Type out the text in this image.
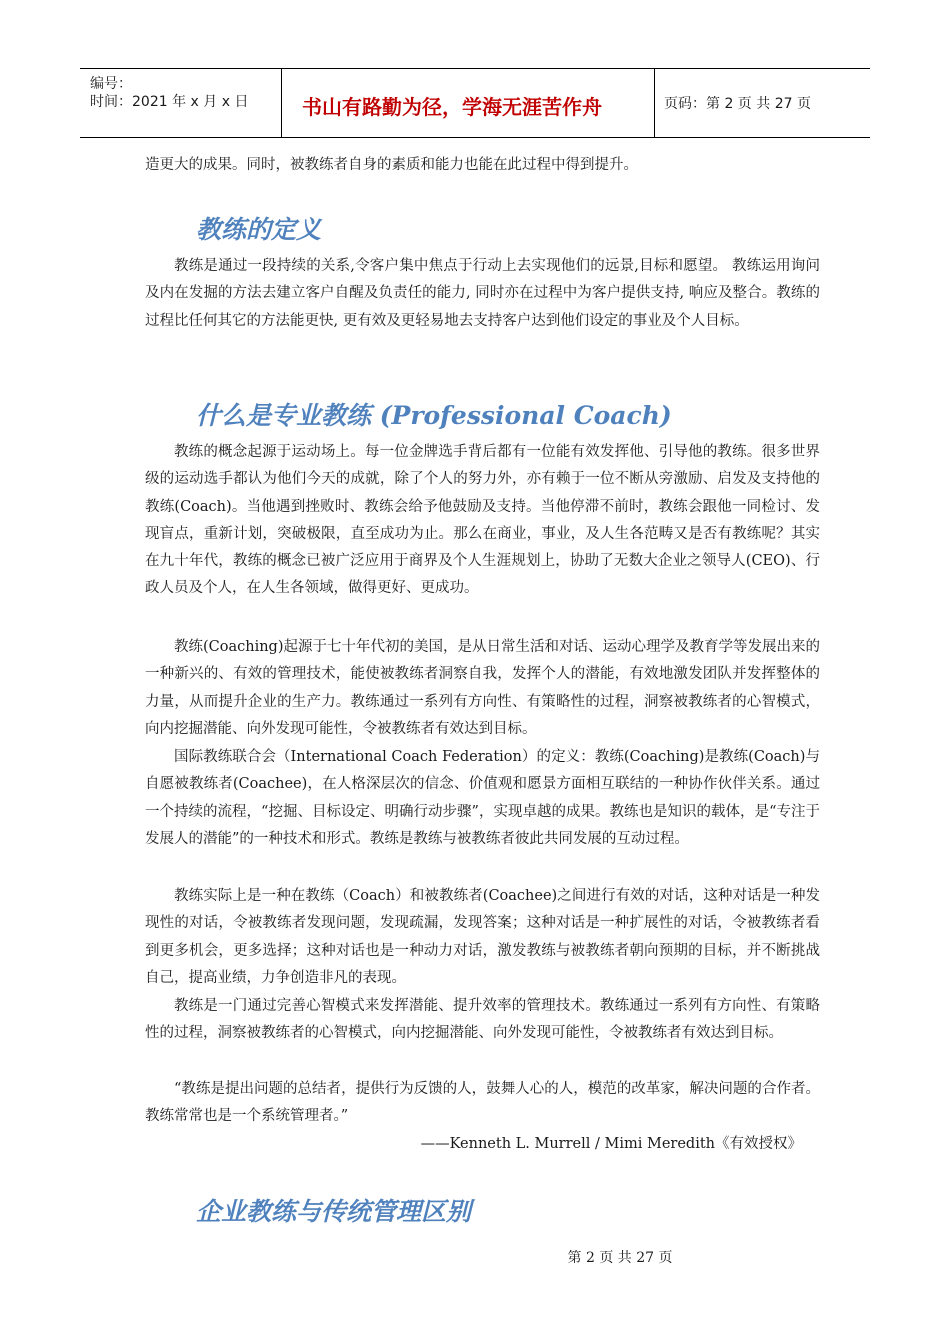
编号：
时间：2021 年 x 月 x 日	书山有路勤为径，学海无涯苦作舟	页码：第 2 页 共 27 页

造更大的成果。同时，被教练者自身的素质和能力也能在此过程中得到提升。

教练的定义

教练是通过一段持续的关系,令客户集中焦点于行动上去实现他们的远景,目标和愿望。 教练运用询问及内在发掘的方法去建立客户自醒及负责任的能力, 同时亦在过程中为客户提供支持, 响应及整合。教练的过程比任何其它的方法能更快, 更有效及更轻易地去支持客户达到他们设定的事业及个人目标。

什么是专业教练 (Professional Coach)

教练的概念起源于运动场上。每一位金牌选手背后都有一位能有效发挥他、引导他的教练。很多世界级的运动选手都认为他们今天的成就，除了个人的努力外，亦有赖于一位不断从旁激励、启发及支持他的教练(Coach)。当他遇到挫败时、教练会给予他鼓励及支持。当他停滞不前时，教练会跟他一同检讨、发现盲点，重新计划，突破极限，直至成功为止。那么在商业，事业，及人生各范畴又是否有教练呢？其实在九十年代，教练的概念已被广泛应用于商界及个人生涯规划上，协助了无数大企业之领导人(CEO)、行政人员及个人，在人生各领域，做得更好、更成功。

教练(Coaching)起源于七十年代初的美国，是从日常生活和对话、运动心理学及教育学等发展出来的一种新兴的、有效的管理技术，能使被教练者洞察自我，发挥个人的潜能，有效地激发团队并发挥整体的力量，从而提升企业的生产力。教练通过一系列有方向性、有策略性的过程，洞察被教练者的心智模式，向内挖掘潜能、向外发现可能性，令被教练者有效达到目标。

国际教练联合会（International Coach Federation）的定义：教练(Coaching)是教练(Coach)与自愿被教练者(Coachee)，在人格深层次的信念、价值观和愿景方面相互联结的一种协作伙伴关系。通过一个持续的流程，“挖掘、目标设定、明确行动步骤”，实现卓越的成果。教练也是知识的载体，是“专注于发展人的潜能”的一种技术和形式。教练是教练与被教练者彼此共同发展的互动过程。

教练实际上是一种在教练（Coach）和被教练者(Coachee)之间进行有效的对话，这种对话是一种发现性的对话，令被教练者发现问题，发现疏漏，发现答案；这种对话是一种扩展性的对话，令被教练者看到更多机会，更多选择；这种对话也是一种动力对话，激发教练与被教练者朝向预期的目标，并不断挑战自己，提高业绩，力争创造非凡的表现。

教练是一门通过完善心智模式来发挥潜能、提升效率的管理技术。教练通过一系列有方向性、有策略性的过程，洞察被教练者的心智模式，向内挖掘潜能、向外发现可能性，令被教练者有效达到目标。

“教练是提出问题的总结者，提供行为反馈的人，鼓舞人心的人，模范的改革家，解决问题的合作者。教练常常也是一个系统管理者。”

——Kenneth L. Murrell / Mimi Meredith《有效授权》
企业教练与传统管理区别
第 2 页 共 27 页
